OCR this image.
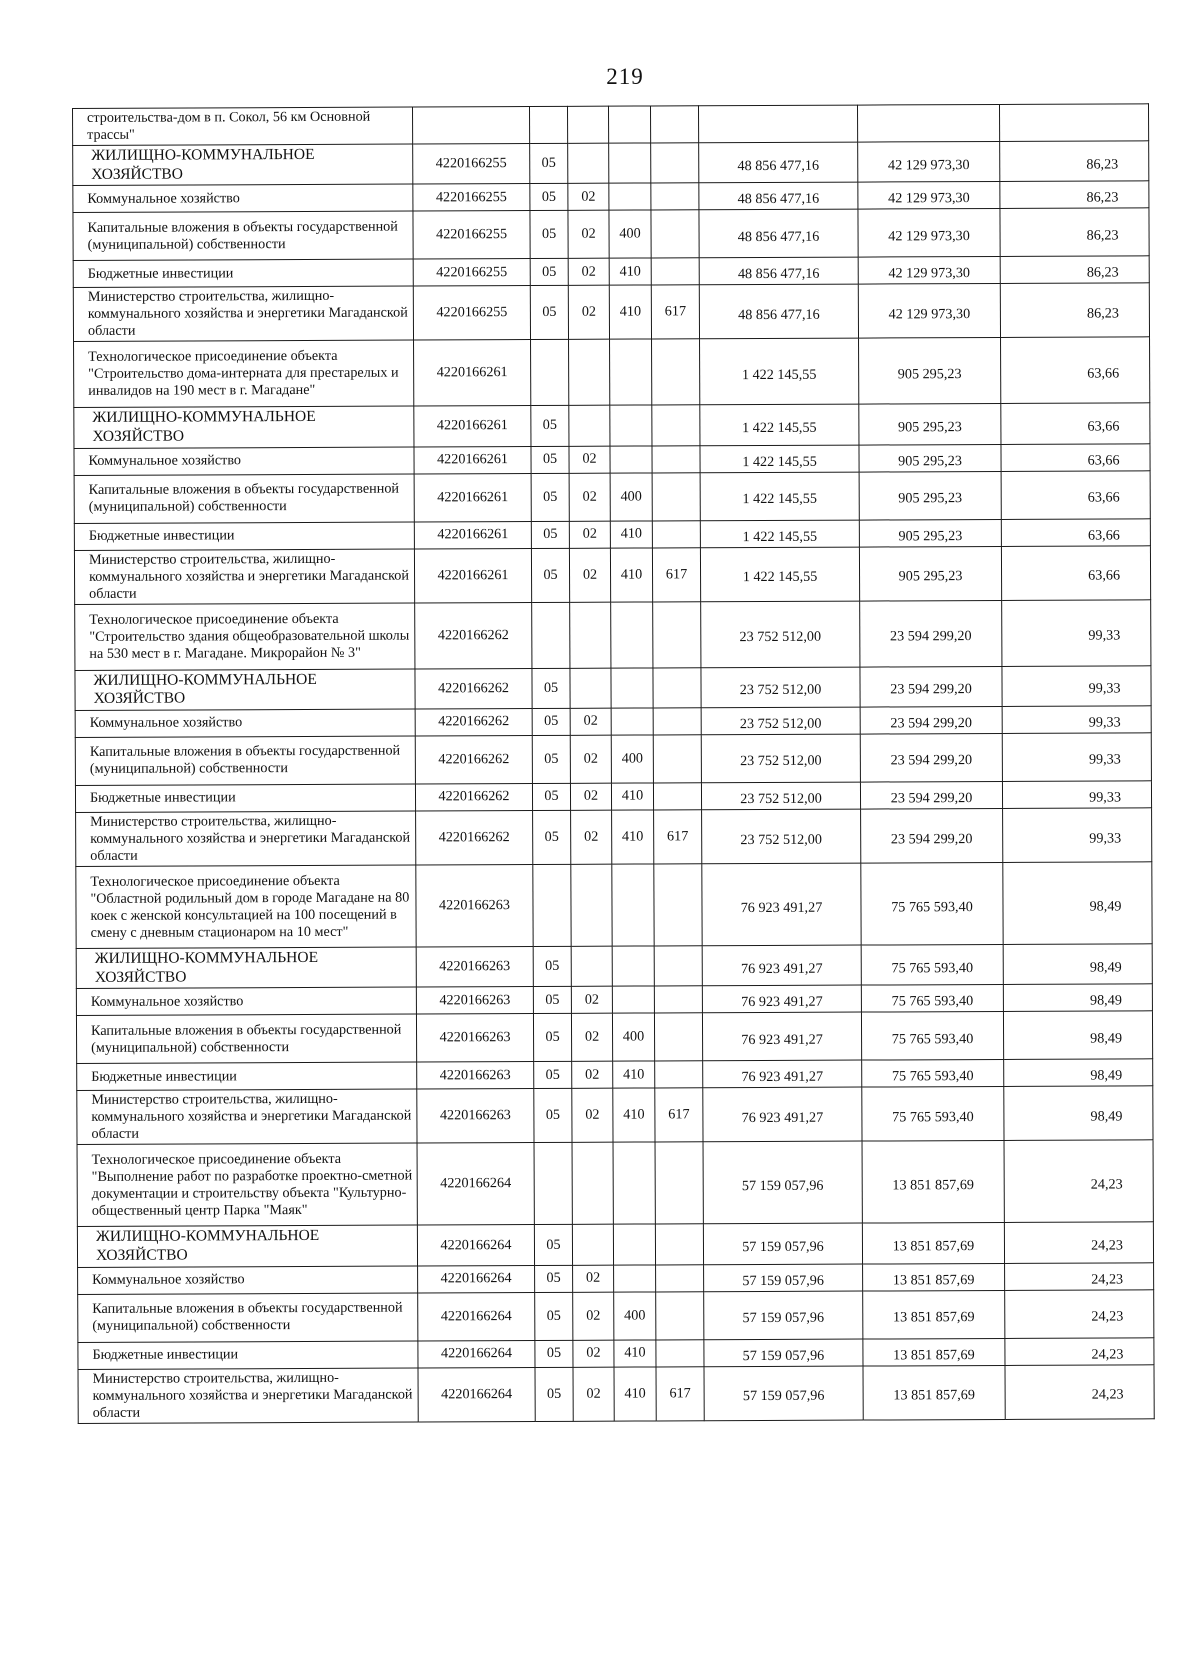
219
строительства-дом в п. Сокол, 56 км Основной трассы"								
ЖИЛИЩНО-КОММУНАЛЬНОЕ ХОЗЯЙСТВО	4220166255	05				48 856 477,16	42 129 973,30	86,23
Коммунальное хозяйство	4220166255	05	02			48 856 477,16	42 129 973,30	86,23
Капитальные вложения в объекты государственной (муниципальной) собственности	4220166255	05	02	400		48 856 477,16	42 129 973,30	86,23
Бюджетные инвестиции	4220166255	05	02	410		48 856 477,16	42 129 973,30	86,23
Министерство строительства, жилищно-коммунального хозяйства и энергетики Магаданской области	4220166255	05	02	410	617	48 856 477,16	42 129 973,30	86,23
Технологическое присоединение объекта "Строительство дома-интерната для престарелых и инвалидов на 190 мест в г. Магадане"	4220166261					1 422 145,55	905 295,23	63,66
ЖИЛИЩНО-КОММУНАЛЬНОЕ ХОЗЯЙСТВО	4220166261	05				1 422 145,55	905 295,23	63,66
Коммунальное хозяйство	4220166261	05	02			1 422 145,55	905 295,23	63,66
Капитальные вложения в объекты государственной (муниципальной) собственности	4220166261	05	02	400		1 422 145,55	905 295,23	63,66
Бюджетные инвестиции	4220166261	05	02	410		1 422 145,55	905 295,23	63,66
Министерство строительства, жилищно-коммунального хозяйства и энергетики Магаданской области	4220166261	05	02	410	617	1 422 145,55	905 295,23	63,66
Технологическое присоединение объекта "Строительство здания общеобразовательной школы на 530 мест в г. Магадане. Микрорайон № 3"	4220166262					23 752 512,00	23 594 299,20	99,33
ЖИЛИЩНО-КОММУНАЛЬНОЕ ХОЗЯЙСТВО	4220166262	05				23 752 512,00	23 594 299,20	99,33
Коммунальное хозяйство	4220166262	05	02			23 752 512,00	23 594 299,20	99,33
Капитальные вложения в объекты государственной (муниципальной) собственности	4220166262	05	02	400		23 752 512,00	23 594 299,20	99,33
Бюджетные инвестиции	4220166262	05	02	410		23 752 512,00	23 594 299,20	99,33
Министерство строительства, жилищно-коммунального хозяйства и энергетики Магаданской области	4220166262	05	02	410	617	23 752 512,00	23 594 299,20	99,33
Технологическое присоединение объекта "Областной родильный дом в городе Магадане на 80 коек с женской консультацией на 100 посещений в смену с дневным стационаром на 10 мест"	4220166263					76 923 491,27	75 765 593,40	98,49
ЖИЛИЩНО-КОММУНАЛЬНОЕ ХОЗЯЙСТВО	4220166263	05				76 923 491,27	75 765 593,40	98,49
Коммунальное хозяйство	4220166263	05	02			76 923 491,27	75 765 593,40	98,49
Капитальные вложения в объекты государственной (муниципальной) собственности	4220166263	05	02	400		76 923 491,27	75 765 593,40	98,49
Бюджетные инвестиции	4220166263	05	02	410		76 923 491,27	75 765 593,40	98,49
Министерство строительства, жилищно-коммунального хозяйства и энергетики Магаданской области	4220166263	05	02	410	617	76 923 491,27	75 765 593,40	98,49
Технологическое присоединение объекта "Выполнение работ по разработке проектно-сметной документации и строительству объекта "Культурно-общественный центр Парка "Маяк"	4220166264					57 159 057,96	13 851 857,69	24,23
ЖИЛИЩНО-КОММУНАЛЬНОЕ ХОЗЯЙСТВО	4220166264	05				57 159 057,96	13 851 857,69	24,23
Коммунальное хозяйство	4220166264	05	02			57 159 057,96	13 851 857,69	24,23
Капитальные вложения в объекты государственной (муниципальной) собственности	4220166264	05	02	400		57 159 057,96	13 851 857,69	24,23
Бюджетные инвестиции	4220166264	05	02	410		57 159 057,96	13 851 857,69	24,23
Министерство строительства, жилищно-коммунального хозяйства и энергетики Магаданской области	4220166264	05	02	410	617	57 159 057,96	13 851 857,69	24,23
